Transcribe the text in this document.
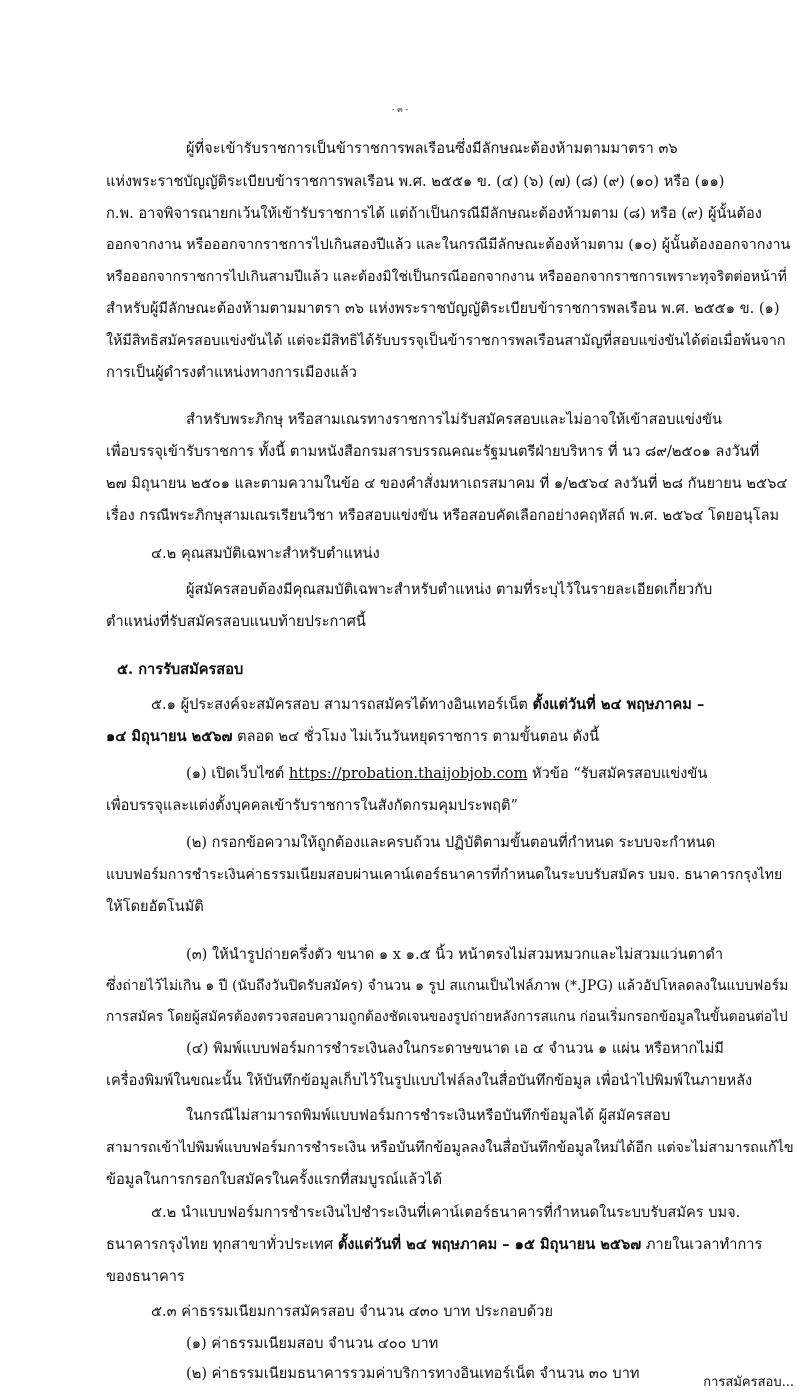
- ๓ -
ผู้ที่จะเข้ารับราชการเป็นข้าราชการพลเรือนซึ่งมีลักษณะต้องห้ามตามมาตรา ๓๖
แห่งพระราชบัญญัติระเบียบข้าราชการพลเรือน พ.ศ. ๒๕๕๑ ข. (๔) (๖) (๗) (๘) (๙) (๑๐) หรือ (๑๑)
ก.พ. อาจพิจารณายกเว้นให้เข้ารับราชการได้ แต่ถ้าเป็นกรณีมีลักษณะต้องห้ามตาม (๘) หรือ (๙) ผู้นั้นต้อง
ออกจากงาน หรือออกจากราชการไปเกินสองปีแล้ว และในกรณีมีลักษณะต้องห้ามตาม (๑๐) ผู้นั้นต้องออกจากงาน
หรือออกจากราชการไปเกินสามปีแล้ว และต้องมิใช่เป็นกรณีออกจากงาน หรือออกจากราชการเพราะทุจริตต่อหน้าที่
สำหรับผู้มีลักษณะต้องห้ามตามมาตรา ๓๖ แห่งพระราชบัญญัติระเบียบข้าราชการพลเรือน พ.ศ. ๒๕๕๑ ข. (๑)
ให้มีสิทธิสมัครสอบแข่งขันได้ แต่จะมีสิทธิได้รับบรรจุเป็นข้าราชการพลเรือนสามัญที่สอบแข่งขันได้ต่อเมื่อพ้นจาก
การเป็นผู้ดำรงตำแหน่งทางการเมืองแล้ว
สำหรับพระภิกษุ หรือสามเณรทางราชการไม่รับสมัครสอบและไม่อาจให้เข้าสอบแข่งขัน
เพื่อบรรจุเข้ารับราชการ ทั้งนี้ ตามหนังสือกรมสารบรรณคณะรัฐมนตรีฝ่ายบริหาร ที่ นว ๘๙/๒๕๐๑ ลงวันที่
๒๗ มิถุนายน ๒๕๐๑ และตามความในข้อ ๔ ของคำสั่งมหาเถรสมาคม ที่ ๑/๒๕๖๔ ลงวันที่ ๒๘ กันยายน ๒๕๖๔
เรื่อง กรณีพระภิกษุสามเณรเรียนวิชา หรือสอบแข่งขัน หรือสอบคัดเลือกอย่างคฤหัสถ์ พ.ศ. ๒๕๖๔ โดยอนุโลม
๔.๒ คุณสมบัติเฉพาะสำหรับตำแหน่ง
ผู้สมัครสอบต้องมีคุณสมบัติเฉพาะสำหรับตำแหน่ง ตามที่ระบุไว้ในรายละเอียดเกี่ยวกับ
ตำแหน่งที่รับสมัครสอบแนบท้ายประกาศนี้
๕. การรับสมัครสอบ
๕.๑ ผู้ประสงค์จะสมัครสอบ สามารถสมัครได้ทางอินเทอร์เน็ต ตั้งแต่วันที่ ๒๔ พฤษภาคม –
๑๔ มิถุนายน ๒๕๖๗ ตลอด ๒๔ ชั่วโมง ไม่เว้นวันหยุดราชการ ตามขั้นตอน ดังนี้
(๑) เปิดเว็บไซต์ https://probation.thaijobjob.com หัวข้อ “รับสมัครสอบแข่งขัน
เพื่อบรรจุและแต่งตั้งบุคคลเข้ารับราชการในสังกัดกรมคุมประพฤติ”
(๒) กรอกข้อความให้ถูกต้องและครบถ้วน ปฏิบัติตามขั้นตอนที่กำหนด ระบบจะกำหนด
แบบฟอร์มการชำระเงินค่าธรรมเนียมสอบผ่านเคาน์เตอร์ธนาคารที่กำหนดในระบบรับสมัคร บมจ. ธนาคารกรุงไทย
ให้โดยอัตโนมัติ
(๓) ให้นำรูปถ่ายครึ่งตัว ขนาด ๑ x ๑.๕ นิ้ว หน้าตรงไม่สวมหมวกและไม่สวมแว่นตาดำ
ซึ่งถ่ายไว้ไม่เกิน ๑ ปี (นับถึงวันปิดรับสมัคร) จำนวน ๑ รูป สแกนเป็นไฟล์ภาพ (*.JPG) แล้วอัปโหลดลงในแบบฟอร์ม
การสมัคร โดยผู้สมัครต้องตรวจสอบความถูกต้องชัดเจนของรูปถ่ายหลังการสแกน ก่อนเริ่มกรอกข้อมูลในขั้นตอนต่อไป
(๔) พิมพ์แบบฟอร์มการชำระเงินลงในกระดาษขนาด เอ ๔ จำนวน ๑ แผ่น หรือหากไม่มี
เครื่องพิมพ์ในขณะนั้น ให้บันทึกข้อมูลเก็บไว้ในรูปแบบไฟล์ลงในสื่อบันทึกข้อมูล เพื่อนำไปพิมพ์ในภายหลัง
ในกรณีไม่สามารถพิมพ์แบบฟอร์มการชำระเงินหรือบันทึกข้อมูลได้ ผู้สมัครสอบ
สามารถเข้าไปพิมพ์แบบฟอร์มการชำระเงิน หรือบันทึกข้อมูลลงในสื่อบันทึกข้อมูลใหม่ได้อีก แต่จะไม่สามารถแก้ไข
ข้อมูลในการกรอกใบสมัครในครั้งแรกที่สมบูรณ์แล้วได้
๕.๒ นำแบบฟอร์มการชำระเงินไปชำระเงินที่เคาน์เตอร์ธนาคารที่กำหนดในระบบรับสมัคร บมจ.
ธนาคารกรุงไทย ทุกสาขาทั่วประเทศ ตั้งแต่วันที่ ๒๔ พฤษภาคม – ๑๕ มิถุนายน ๒๕๖๗ ภายในเวลาทำการ
ของธนาคาร
๕.๓ ค่าธรรมเนียมการสมัครสอบ จำนวน ๔๓๐ บาท ประกอบด้วย
(๑) ค่าธรรมเนียมสอบ จำนวน ๔๐๐ บาท
(๒) ค่าธรรมเนียมธนาคารรวมค่าบริการทางอินเทอร์เน็ต จำนวน ๓๐ บาท
การสมัครสอบ...
